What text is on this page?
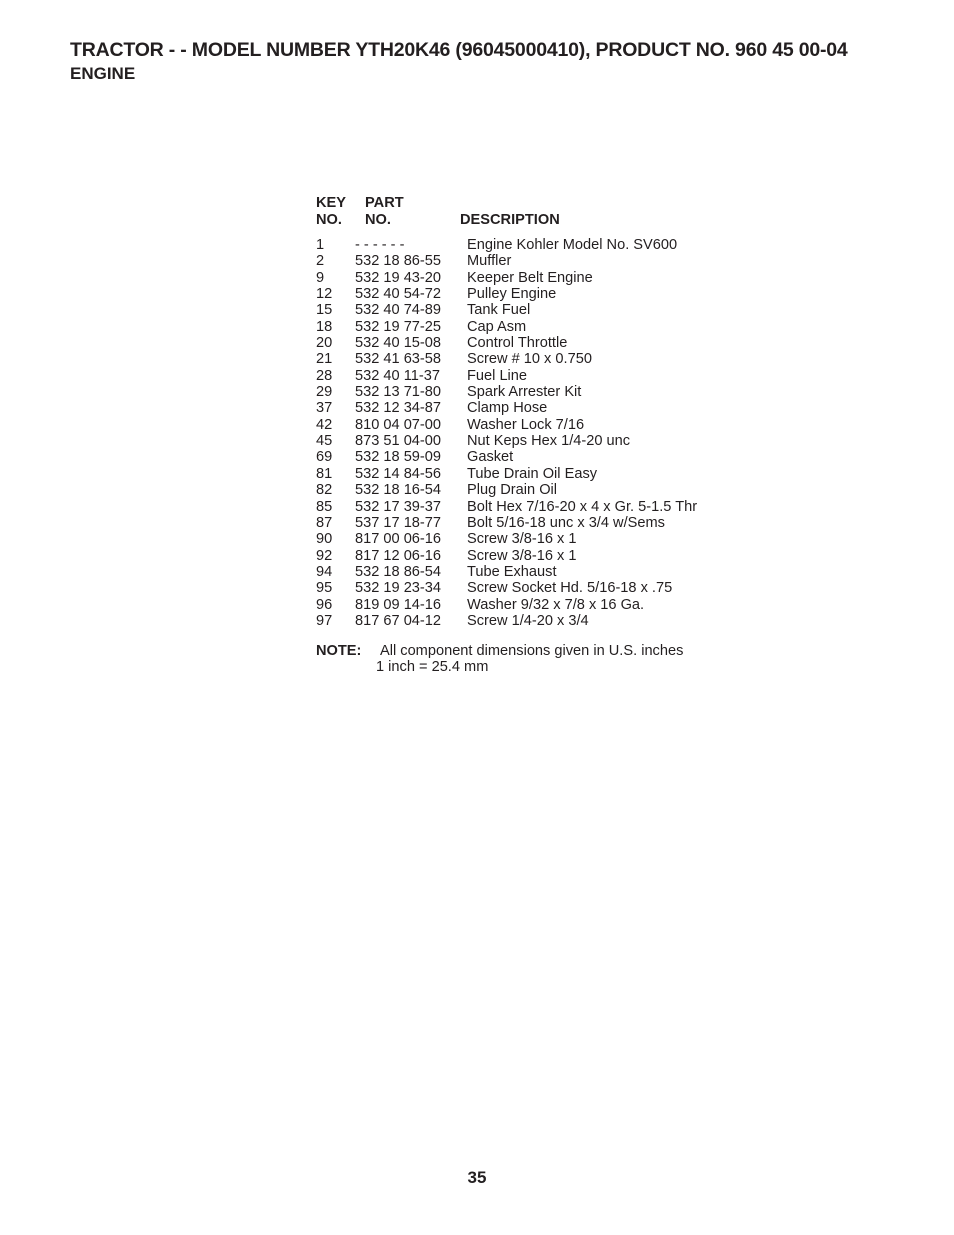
TRACTOR - - MODEL NUMBER YTH20K46 (96045000410), PRODUCT NO. 960 45 00-04
ENGINE
KEY
NO.
PART
NO.	DESCRIPTION
1 - - - - - -	Engine Kohler Model No. SV600
2 532 18 86-55 Muffler
9 532 19 43-20 Keeper Belt Engine
12 532 40 54-72 Pulley Engine
15 532 40 74-89 Tank Fuel
18 532 19 77-25 Cap Asm
20 532 40 15-08 Control Throttle
21 532 41 63-58 Screw # 10 x 0.750
28 532 40 11-37 Fuel Line
29 532 13 71-80 Spark Arrester Kit
37 532 12 34-87 Clamp Hose
42 810 04 07-00 Washer Lock 7/16
45 873 51 04-00 Nut Keps Hex 1/4-20 unc
69 532 18 59-09 Gasket
81 532 14 84-56 Tube Drain Oil Easy
82 532 18 16-54 Plug Drain Oil
85 532 17 39-37 Bolt Hex 7/16-20 x 4 x Gr. 5-1.5 Thr
87 537 17 18-77 Bolt 5/16-18 unc x 3/4 w/Sems
90 817 00 06-16 Screw 3/8-16 x 1
92 817 12 06-16 Screw 3/8-16 x 1
94 532 18 86-54 Tube Exhaust
95 532 19 23-34 Screw Socket Hd. 5/16-18 x .75
96 819 09 14-16 Washer 9/32 x 7/8 x 16 Ga.
97 817 67 04-12 Screw 1/4-20 x 3/4
NOTE: All component dimensions given in U.S. inches
1 inch = 25.4 mm
35
